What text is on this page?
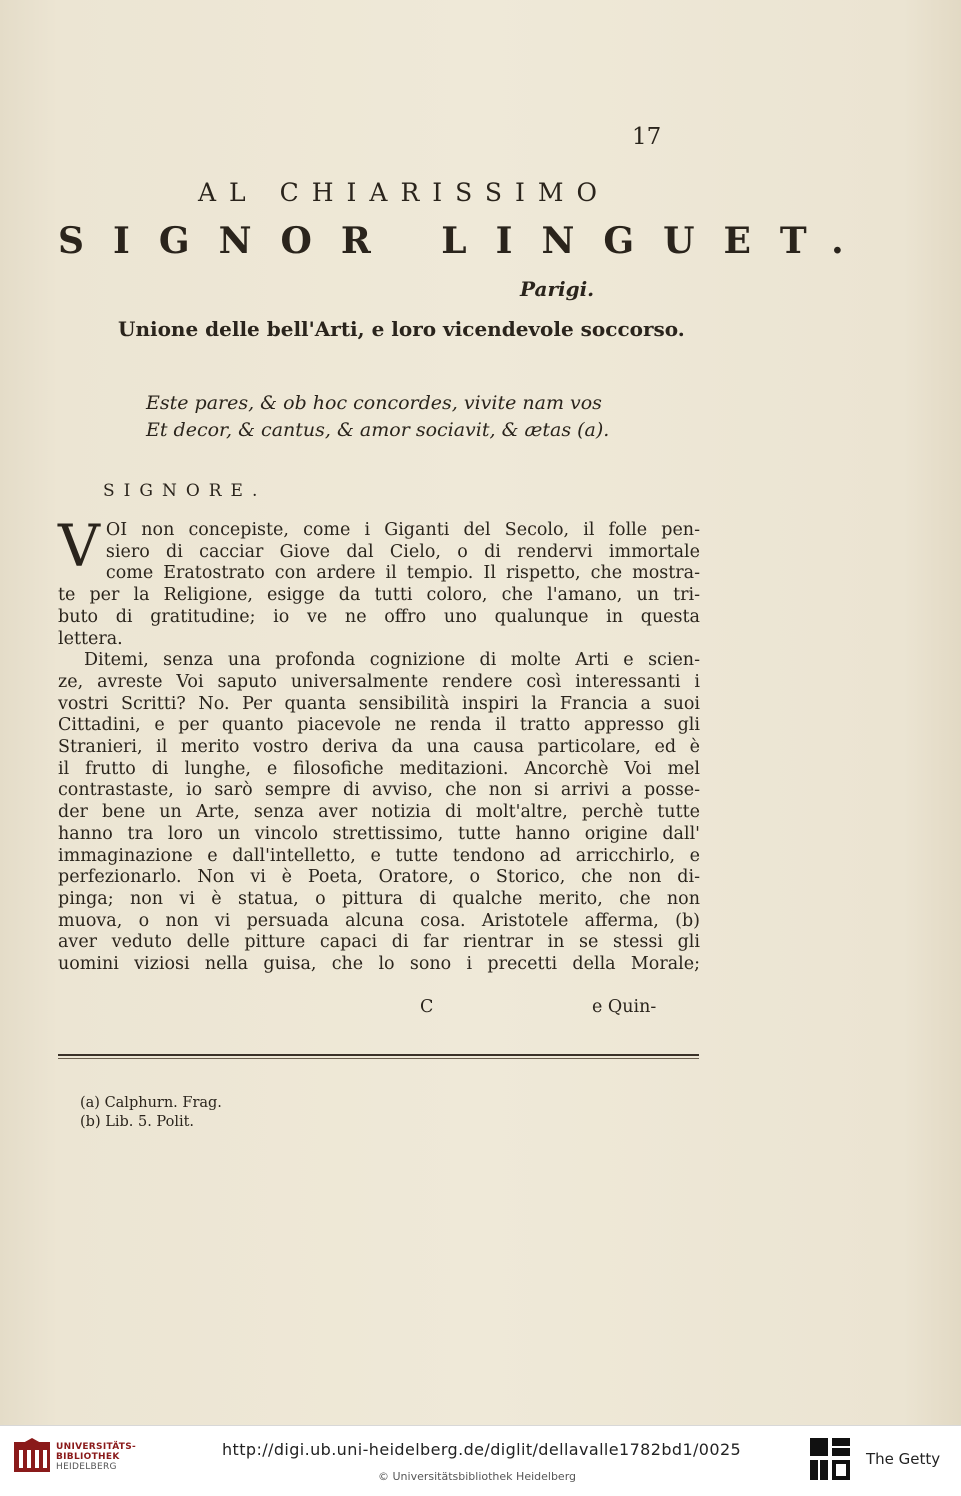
17
AL CHIARISSIMO
SIGNOR LINGUET.
Parigi.
Unione delle bell'Arti, e loro vicendevole soccorso.
Este pares, & ob hoc concordes, vivite nam vos
Et decor, & cantus, & amor sociavit, & ætas (a).
SIGNORE.
V OI non concepiste, come i Giganti del Secolo, il folle pen-
siero di cacciar Giove dal Cielo, o di rendervi immortale
come Eratostrato con ardere il tempio. Il rispetto, che mostra-
te per la Religione, esigge da tutti coloro, che l'amano, un tri-
buto di gratitudine; io ve ne offro uno qualunque in questa
lettera.
Ditemi, senza una profonda cognizione di molte Arti e scien-
ze, avreste Voi saputo universalmente rendere così interessanti i
vostri Scritti? No. Per quanta sensibilità inspiri la Francia a suoi
Cittadini, e per quanto piacevole ne renda il tratto appresso gli
Stranieri, il merito vostro deriva da una causa particolare, ed è
il frutto di lunghe, e filosofiche meditazioni. Ancorchè Voi mel
contrastaste, io sarò sempre di avviso, che non si arrivi a posse-
der bene un Arte, senza aver notizia di molt'altre, perchè tutte
hanno tra loro un vincolo strettissimo, tutte hanno origine dall'
immaginazione e dall'intelletto, e tutte tendono ad arricchirlo, e
perfezionarlo. Non vi è Poeta, Oratore, o Storico, che non di-
pinga; non vi è statua, o pittura di qualche merito, che non
muova, o non vi persuada alcuna cosa. Aristotele afferma, (b)
aver veduto delle pitture capaci di far rientrar in se stessi gli
uomini viziosi nella guisa, che lo sono i precetti della Morale;
C	e Quin-
(a) Calphurn. Frag.
(b) Lib. 5. Polit.
UNIVERSITÄTS-
BIBLIOTHEK
HEIDELBERG
http://digi.ub.uni-heidelberg.de/diglit/dellavalle1782bd1/0025
© Universitätsbibliothek Heidelberg
The Getty
